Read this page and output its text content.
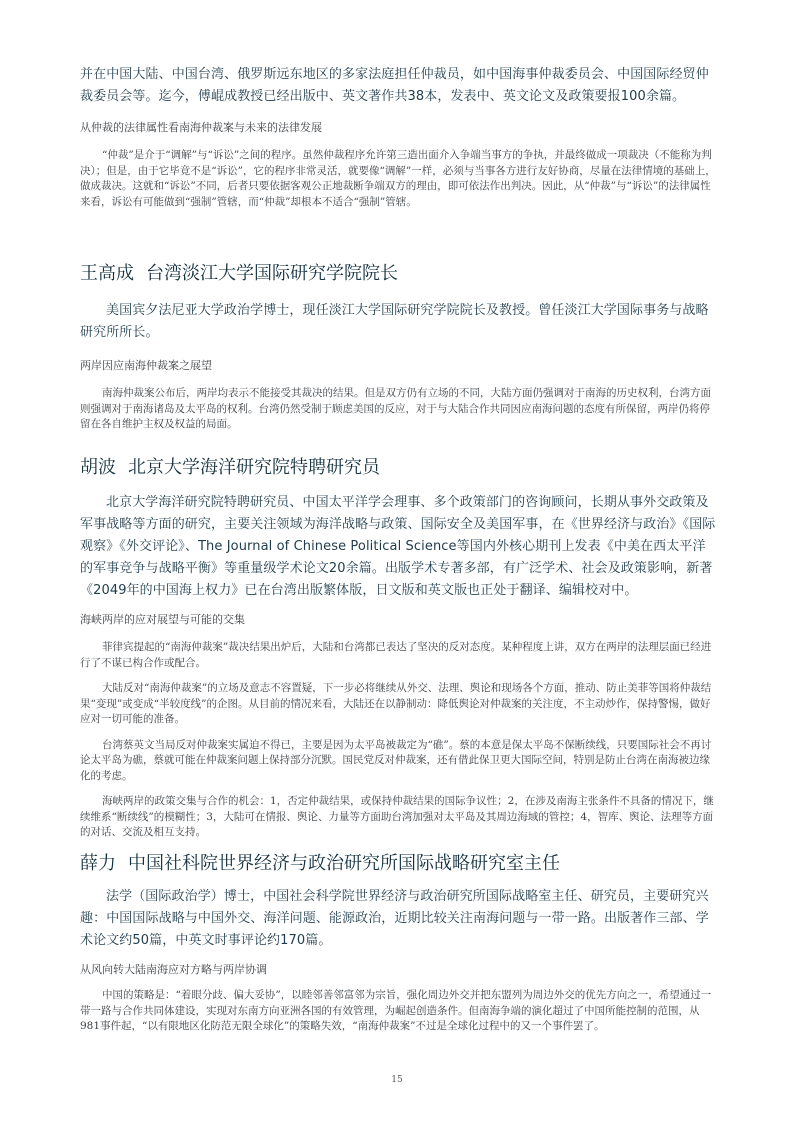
并在中国大陆、中国台湾、俄罗斯远东地区的多家法庭担任仲裁员，如中国海事仲裁委员会、中国国际经贸仲裁委员会等。迄今，傅崐成教授已经出版中、英文著作共38本，发表中、英文论文及政策要报100余篇。

从仲裁的法律属性看南海仲裁案与未来的法律发展

“仲裁”是介于“调解”与“诉讼”之间的程序。虽然仲裁程序允许第三造出面介入争端当事方的争执，并最终做成一项裁决（不能称为判决）；但是，由于它毕竟不是“诉讼”，它的程序非常灵活，就要像“调解”一样，必须与当事各方进行友好协商，尽量在法律情境的基础上，做成裁决。这就和“诉讼”不同，后者只要依据客观公正地裁断争端双方的理由，即可依法作出判决。因此，从“仲裁”与“诉讼”的法律属性来看，诉讼有可能做到“强制”管辖，而“仲裁”却根本不适合“强制”管辖。

王高成 台湾淡江大学国际研究学院院长

美国宾夕法尼亚大学政治学博士，现任淡江大学国际研究学院院长及教授。曾任淡江大学国际事务与战略研究所所长。

两岸因应南海仲裁案之展望

南海仲裁案公布后，两岸均表示不能接受其裁决的结果。但是双方仍有立场的不同，大陆方面仍强调对于南海的历史权利，台湾方面则强调对于南海诸岛及太平岛的权利。台湾仍然受制于顾虑美国的反应，对于与大陆合作共同因应南海问题的态度有所保留，两岸仍将停留在各自维护主权及权益的局面。

胡波 北京大学海洋研究院特聘研究员

北京大学海洋研究院特聘研究员、中国太平洋学会理事、多个政策部门的咨询顾问，长期从事外交政策及军事战略等方面的研究，主要关注领域为海洋战略与政策、国际安全及美国军事，在《世界经济与政治》《国际观察》《外交评论》、The Journal of Chinese Political Science等国内外核心期刊上发表《中美在西太平洋的军事竞争与战略平衡》等重量级学术论文20余篇。出版学术专著多部，有广泛学术、社会及政策影响，新著《2049年的中国海上权力》已在台湾出版繁体版，日文版和英文版也正处于翻译、编辑校对中。

海峡两岸的应对展望与可能的交集

菲律宾提起的“南海仲裁案”裁决结果出炉后，大陆和台湾都已表达了坚决的反对态度。某种程度上讲，双方在两岸的法理层面已经进行了不谋已构合作或配合。

大陆反对“南海仲裁案”的立场及意志不容置疑，下一步必将继续从外交、法理、舆论和现场各个方面，推动、防止美菲等国将仲裁结果“变现”或变成“半较度线”的企图。从目前的情况来看，大陆还在以静制动：降低舆论对仲裁案的关注度，不主动炒作，保持警惕，做好应对一切可能的准备。

台湾蔡英文当局反对仲裁案实属迫不得已，主要是因为太平岛被裁定为“礁”。蔡的本意是保太平岛不保断续线，只要国际社会不再讨论太平岛为礁，蔡就可能在仲裁案问题上保持部分沉默。国民党反对仲裁案，还有借此保卫更大国际空间，特别是防止台湾在南海被边缘化的考虑。

海峡两岸的政策交集与合作的机会：1，否定仲裁结果，或保持仲裁结果的国际争议性；2，在涉及南海主张条件不具备的情况下，继续维系“断续线”的模糊性；3，大陆可在情报、舆论、力量等方面助台湾加强对太平岛及其周边海域的管控；4，智库、舆论、法理等方面的对话、交流及相互支持。

薛力 中国社科院世界经济与政治研究所国际战略研究室主任

法学（国际政治学）博士，中国社会科学院世界经济与政治研究所国际战略室主任、研究员，主要研究兴趣：中国国际战略与中国外交、海洋问题、能源政治，近期比较关注南海问题与一带一路。出版著作三部、学术论文约50篇，中英文时事评论约170篇。

从风向转大陆南海应对方略与两岸协调

中国的策略是：“着眼分歧、偏大妥协”，以睦邻善邻富邻为宗旨，强化周边外交并把东盟列为周边外交的优先方向之一，希望通过一带一路与合作共同体建设，实现对东南方向亚洲各国的有效管理，为崛起创造条件。但南海争端的演化超过了中国所能控制的范围，从981事件起，“以有限地区化防范无限全球化”的策略失效，“南海仲裁案”不过是全球化过程中的又一个事件罢了。

15
